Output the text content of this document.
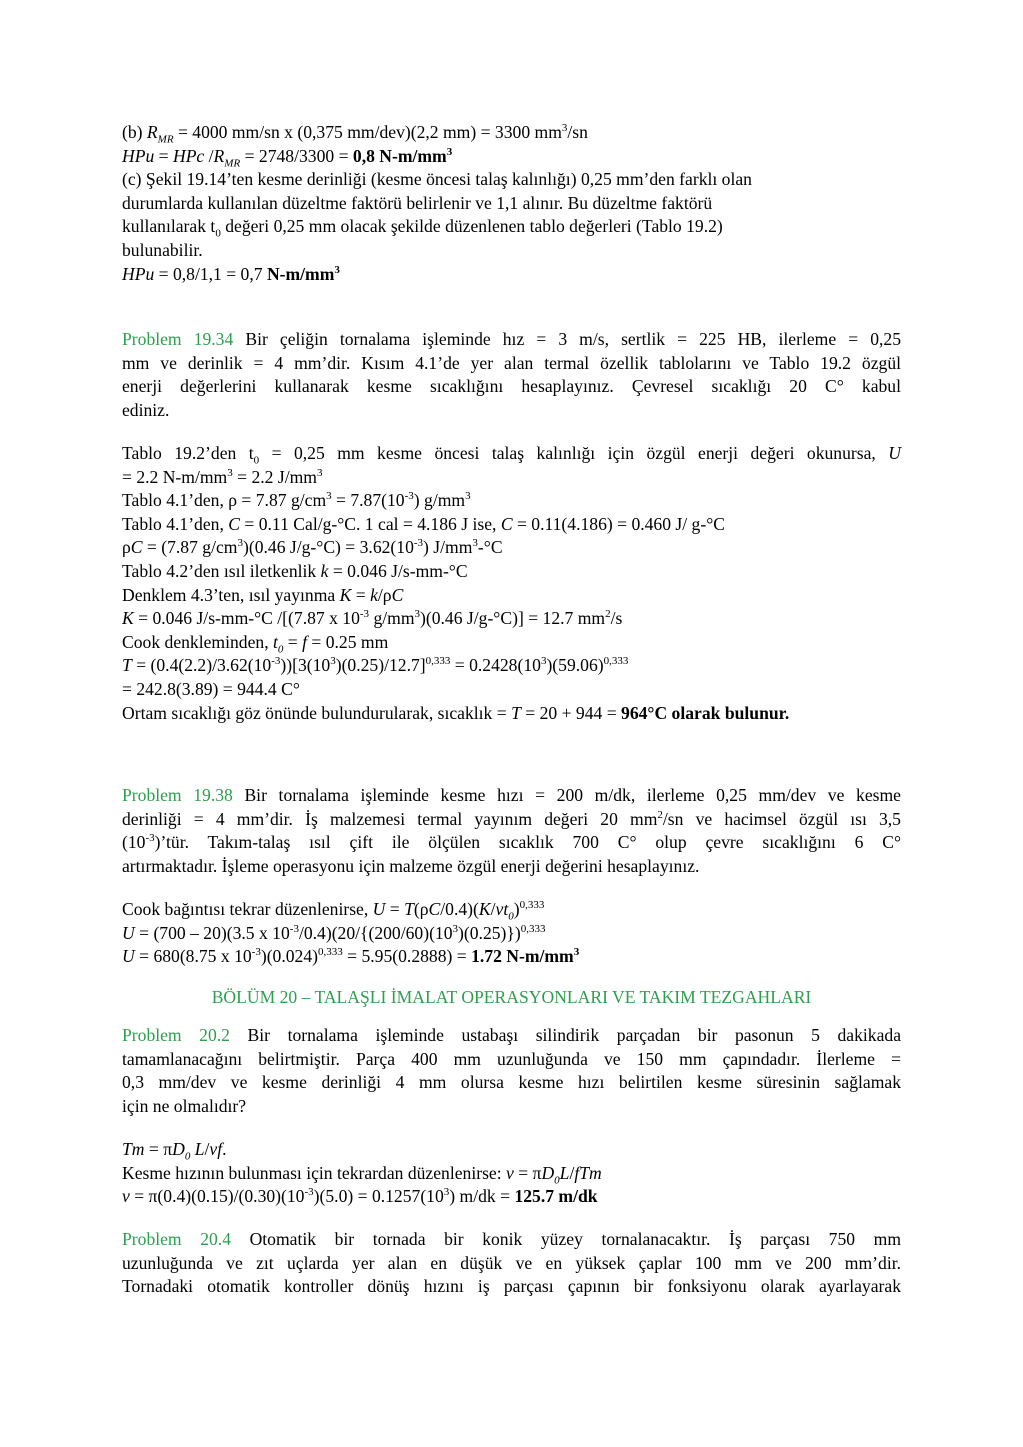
(b) $R_{MR} = 4000$ mm/sn x (0,375 mm/dev)(2,2 mm) = 3300 $mm^3/sn$
HPu = HPc $/R_{MR} = 2748/3300 = 0,8$ $N-m/mm^3$
(c) Şekil 19.14’ten kesme derinliği (kesme öncesi talaş kalınlığı) 0,25 mm’den farklı olan
durumlarda kullanılan düzeltme faktörü belirlenir ve 1,1 alınır. Bu düzeltme faktörü
kullanılarak $t_0$ değeri 0,25 mm olacak şekilde düzenlenen tablo değerleri (Tablo 19.2)
bulunabilir.
HPu = 0,8/1,1 = 0,7 $N-m/mm^3$
Problem 19.34 Bir çeliğin tornalama işleminde hız = 3 m/s, sertlik = 225 HB, ilerleme = 0,25
mm ve derinlik = 4 mm’dir. Kısım 4.1’de yer alan termal özellik tablolarını ve Tablo 19.2 özgül
enerji değerlerini kullanarak kesme sıcaklığını hesaplayınız. Çevresel sıcaklığı 20 C° kabul
ediniz.
Tablo 19.2’den $t_0 = 0,25$ mm kesme öncesi talaş kalınlığı için özgül enerji değeri okunursa, U
= 2.2 $N-m/mm^3 = 2.2$ $J/mm^3$
Tablo 4.1’den, ρ = 7.87 $g/cm^3 = 7.87(10^{-3})$ $g/mm^3$
Tablo 4.1’den, C = 0.11 Cal/g-°C. 1 cal = 4.186 J ise, C = 0.11(4.186) = 0.460 J/ g-°C
ρC = (7.87 $g/cm^3)(0.46$ $J/g-^\circ C) = 3.62(10^{-3})$ $J/mm^3-^\circ C$
Tablo 4.2’den ısıl iletkenlik k = 0.046 J/s-mm-°C
Denklem 4.3’ten, ısıl yayınma K = k/ρC
K = 0.046 J/s-mm-°C /[(7.87 x $10^{-3}$ $g/mm^3)(0.46$ J/g-°C)] = 12.7 $mm^2/s$
Cook denkleminden, $t_0 = f = 0.25$ mm
$T = (0.4(2.2)/3.62(10^{-3}))[3(10^3)(0.25)/12.7]^{0,333} = 0.2428(10^3)(59.06)^{0,333}$
= 242.8(3.89) = 944.4 C°
Ortam sıcaklığı göz önünde bulundurularak, sıcaklık = T = 20 + 944 = 964°C olarak bulunur.
Problem 19.38 Bir tornalama işleminde kesme hızı = 200 m/dk, ilerleme 0,25 mm/dev ve kesme
derinliği = 4 mm’dir. İş malzemesi termal yayınım değeri 20 $mm^2/sn$ ve hacimsel özgül ısı 3,5
$(10^{-3})’tür$. Takım-talaş ısıl çift ile ölçülen sıcaklık 700 C° olup çevre sıcaklığını 6 C°
artırmaktadır. İşleme operasyonu için malzeme özgül enerji değerini hesaplayınız.
Cook bağıntısı tekrar düzenlenirse, $U = T(\rho C/0.4)(K/vt_0)^{0,333}$
U = (700 – 20)(3.5 x $10^{-3}/0.4)(20/\{(200/60)(10^3)(0.25)\})^{0,333}$
U = 680(8.75 x $10^{-3})(0.024)^{0,333} = 5.95(0.2888) = 1.72$ $N-m/mm^3$
BÖLÜM 20 – TALAŞLI İMALAT OPERASYONLARI VE TAKIM TEZGAHLARI
Problem 20.2 Bir tornalama işleminde ustabaşı silindirik parçadan bir pasonun 5 dakikada
tamamlanacağını belirtmiştir. Parça 400 mm uzunluğunda ve 150 mm çapındadır. İlerleme =
0,3 mm/dev ve kesme derinliği 4 mm olursa kesme hızı belirtilen kesme süresinin sağlamak
için ne olmalıdır?
$Tm = \pi D_0$ L/vf.
Kesme hızının bulunması için tekrardan düzenlenirse: $v = \pi D_0L$/fTm
$v = \pi(0.4)(0.15)/(0.30)(10^{-3})(5.0) = 0.1257(10^3) m/dk = 125.7$ m/dk
Problem 20.4 Otomatik bir tornada bir konik yüzey tornalanacaktır. İş parçası 750 mm
uzunluğunda ve zıt uçlarda yer alan en düşük ve en yüksek çaplar 100 mm ve 200 mm’dir.
Tornadaki otomatik kontroller dönüş hızını iş parçası çapının bir fonksiyonu olarak ayarlayarak
